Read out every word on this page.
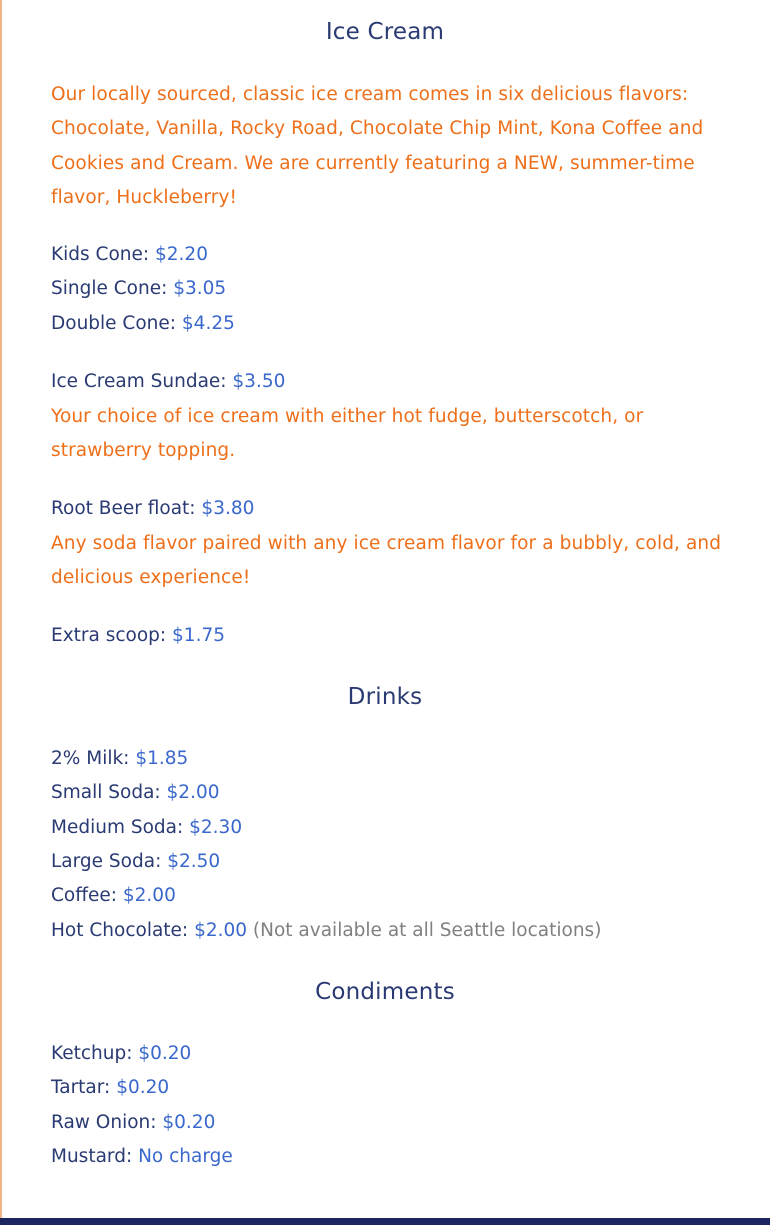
Ice Cream
Our locally sourced, classic ice cream comes in six delicious flavors: Chocolate, Vanilla, Rocky Road, Chocolate Chip Mint, Kona Coffee and Cookies and Cream. We are currently featuring a NEW, summer-time flavor, Huckleberry!
Kids Cone: $2.20
Single Cone: $3.05
Double Cone: $4.25
Ice Cream Sundae: $3.50
Your choice of ice cream with either hot fudge, butterscotch, or strawberry topping.
Root Beer float: $3.80
Any soda flavor paired with any ice cream flavor for a bubbly, cold, and delicious experience!
Extra scoop: $1.75
Drinks
2% Milk: $1.85
Small Soda: $2.00
Medium Soda: $2.30
Large Soda: $2.50
Coffee: $2.00
Hot Chocolate: $2.00 (Not available at all Seattle locations)
Condiments
Ketchup: $0.20
Tartar: $0.20
Raw Onion: $0.20
Mustard: No charge
